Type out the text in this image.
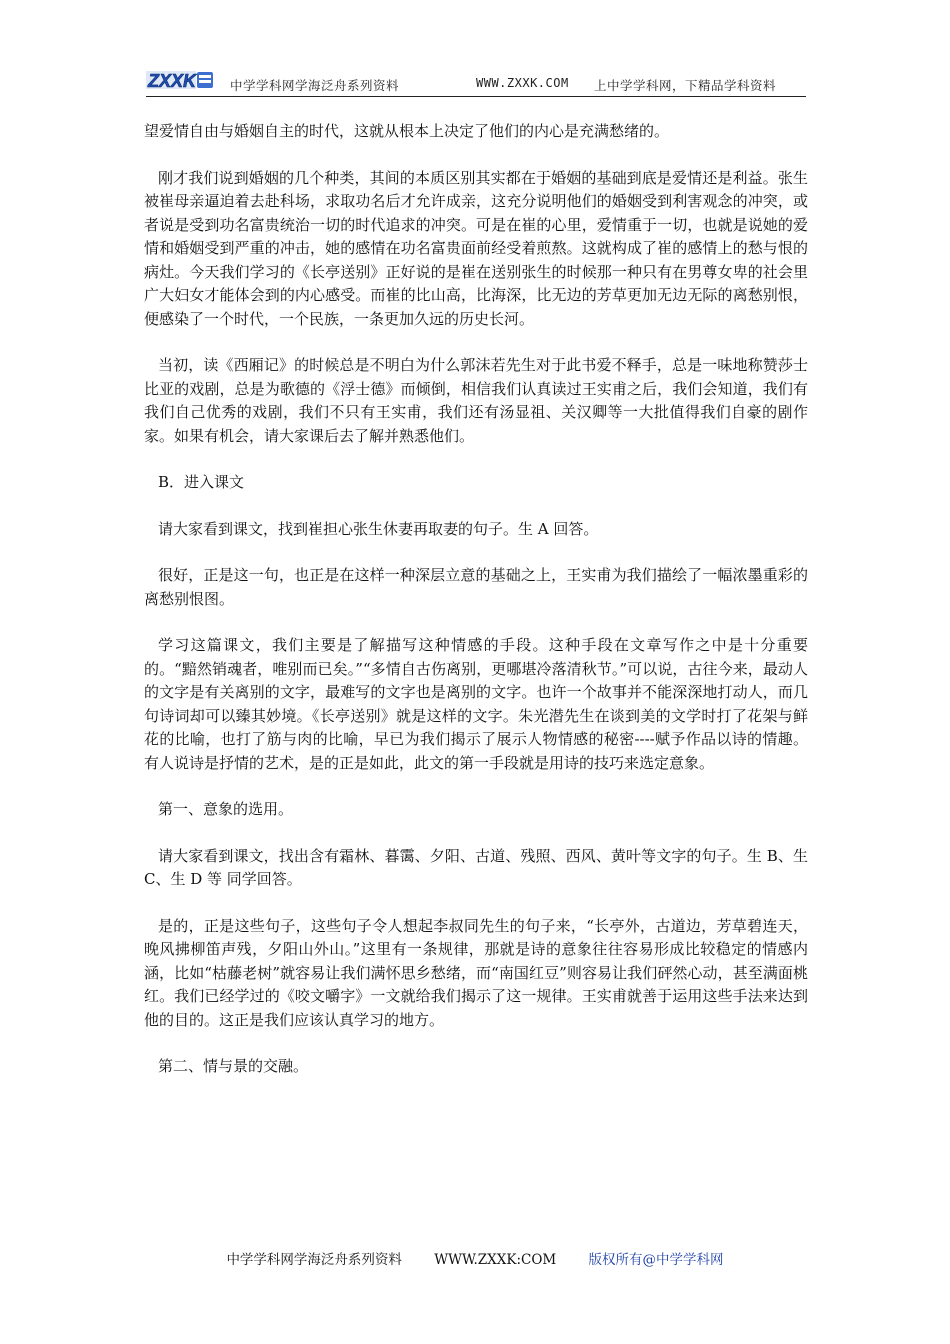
ZXXK	中学学科网学海泛舟系列资料	WWW.ZXXK.COM 上中学学科网，下精品学科资料

望爱情自由与婚姻自主的时代，这就从根本上决定了他们的内心是充满愁绪的。

刚才我们说到婚姻的几个种类，其间的本质区别其实都在于婚姻的基础到底是爱情还是利益。张生被崔母亲逼迫着去赴科场，求取功名后才允许成亲，这充分说明他们的婚姻受到利害观念的冲突，或者说是受到功名富贵统治一切的时代追求的冲突。可是在崔的心里，爱情重于一切，也就是说她的爱情和婚姻受到严重的冲击，她的感情在功名富贵面前经受着煎熬。这就构成了崔的感情上的愁与恨的病灶。今天我们学习的《长亭送别》正好说的是崔在送别张生的时候那一种只有在男尊女卑的社会里广大妇女才能体会到的内心感受。而崔的比山高，比海深，比无边的芳草更加无边无际的离愁别恨，便感染了一个时代，一个民族，一条更加久远的历史长河。

当初，读《西厢记》的时候总是不明白为什么郭沫若先生对于此书爱不释手，总是一味地称赞莎士比亚的戏剧，总是为歌德的《浮士德》而倾倒，相信我们认真读过王实甫之后，我们会知道，我们有我们自己优秀的戏剧，我们不只有王实甫，我们还有汤显祖、关汉卿等一大批值得我们自豪的剧作家。如果有机会，请大家课后去了解并熟悉他们。

B．进入课文

请大家看到课文，找到崔担心张生休妻再取妻的句子。生 A 回答。

很好，正是这一句，也正是在这样一种深层立意的基础之上，王实甫为我们描绘了一幅浓墨重彩的离愁别恨图。

学习这篇课文，我们主要是了解描写这种情感的手段。这种手段在文章写作之中是十分重要的。“黯然销魂者，唯别而已矣。”“多情自古伤离别，更哪堪冷落清秋节。”可以说，古往今来，最动人的文字是有关离别的文字，最难写的文字也是离别的文字。也许一个故事并不能深深地打动人，而几句诗词却可以臻其妙境。《长亭送别》就是这样的文字。朱光潜先生在谈到美的文学时打了花架与鲜花的比喻，也打了筋与肉的比喻，早已为我们揭示了展示人物情感的秘密----赋予作品以诗的情趣。有人说诗是抒情的艺术，是的正是如此，此文的第一手段就是用诗的技巧来选定意象。

第一、意象的选用。

请大家看到课文，找出含有霜林、暮霭、夕阳、古道、残照、西风、黄叶等文字的句子。生 B、生 C、生 D 等 同学回答。

是的，正是这些句子，这些句子令人想起李叔同先生的句子来，“长亭外，古道边，芳草碧连天，晚风拂柳笛声残，夕阳山外山。”这里有一条规律，那就是诗的意象往往容易形成比较稳定的情感内涵，比如“枯藤老树”就容易让我们满怀思乡愁绪，而“南国红豆”则容易让我们砰然心动，甚至满面桃红。我们已经学过的《咬文嚼字》一文就给我们揭示了这一规律。王实甫就善于运用这些手法来达到他的目的。这正是我们应该认真学习的地方。

第二、情与景的交融。

中学学科网学海泛舟系列资料 WWW.ZXXK:COM 版权所有@中学学科网
